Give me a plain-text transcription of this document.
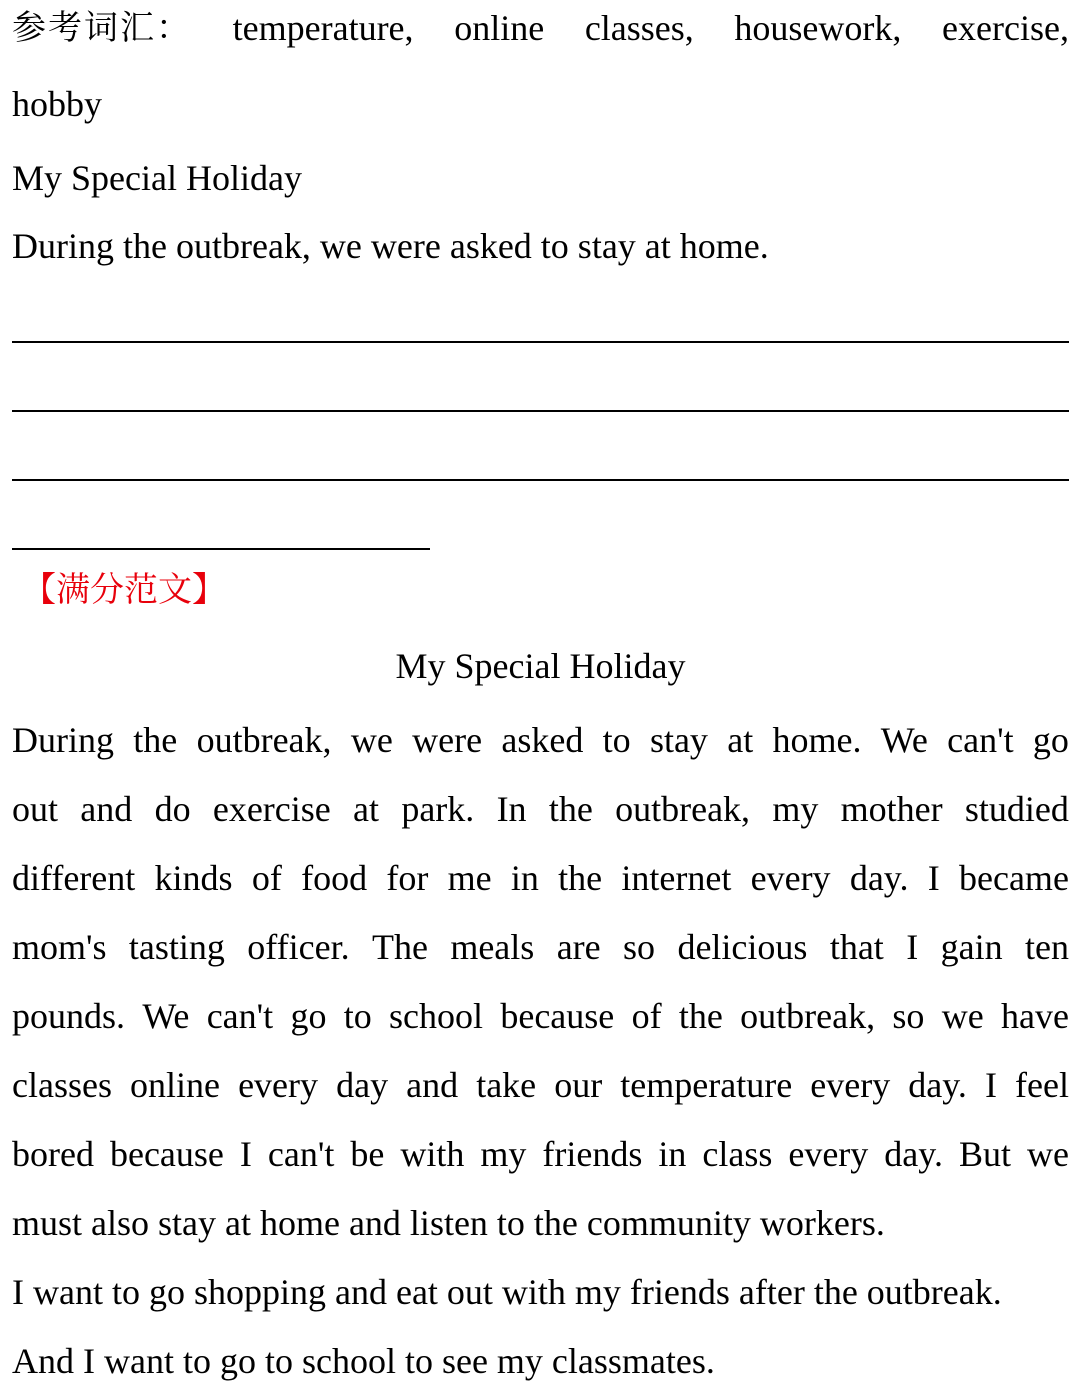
参考词汇： temperature, online classes, housework, exercise,
hobby
My Special Holiday
During the outbreak, we were asked to stay at home.
【满分范文】
My Special Holiday
During the outbreak, we were asked to stay at home. We can't go
out and do exercise at park. In the outbreak, my mother studied
different kinds of food for me in the internet every day. I became
mom's tasting officer. The meals are so delicious that I gain ten
pounds. We can't go to school because of the outbreak, so we have
classes online every day and take our temperature every day. I feel
bored because I can't be with my friends in class every day. But we
must also stay at home and listen to the community workers.
I want to go shopping and eat out with my friends after the outbreak.
And I want to go to school to see my classmates.
